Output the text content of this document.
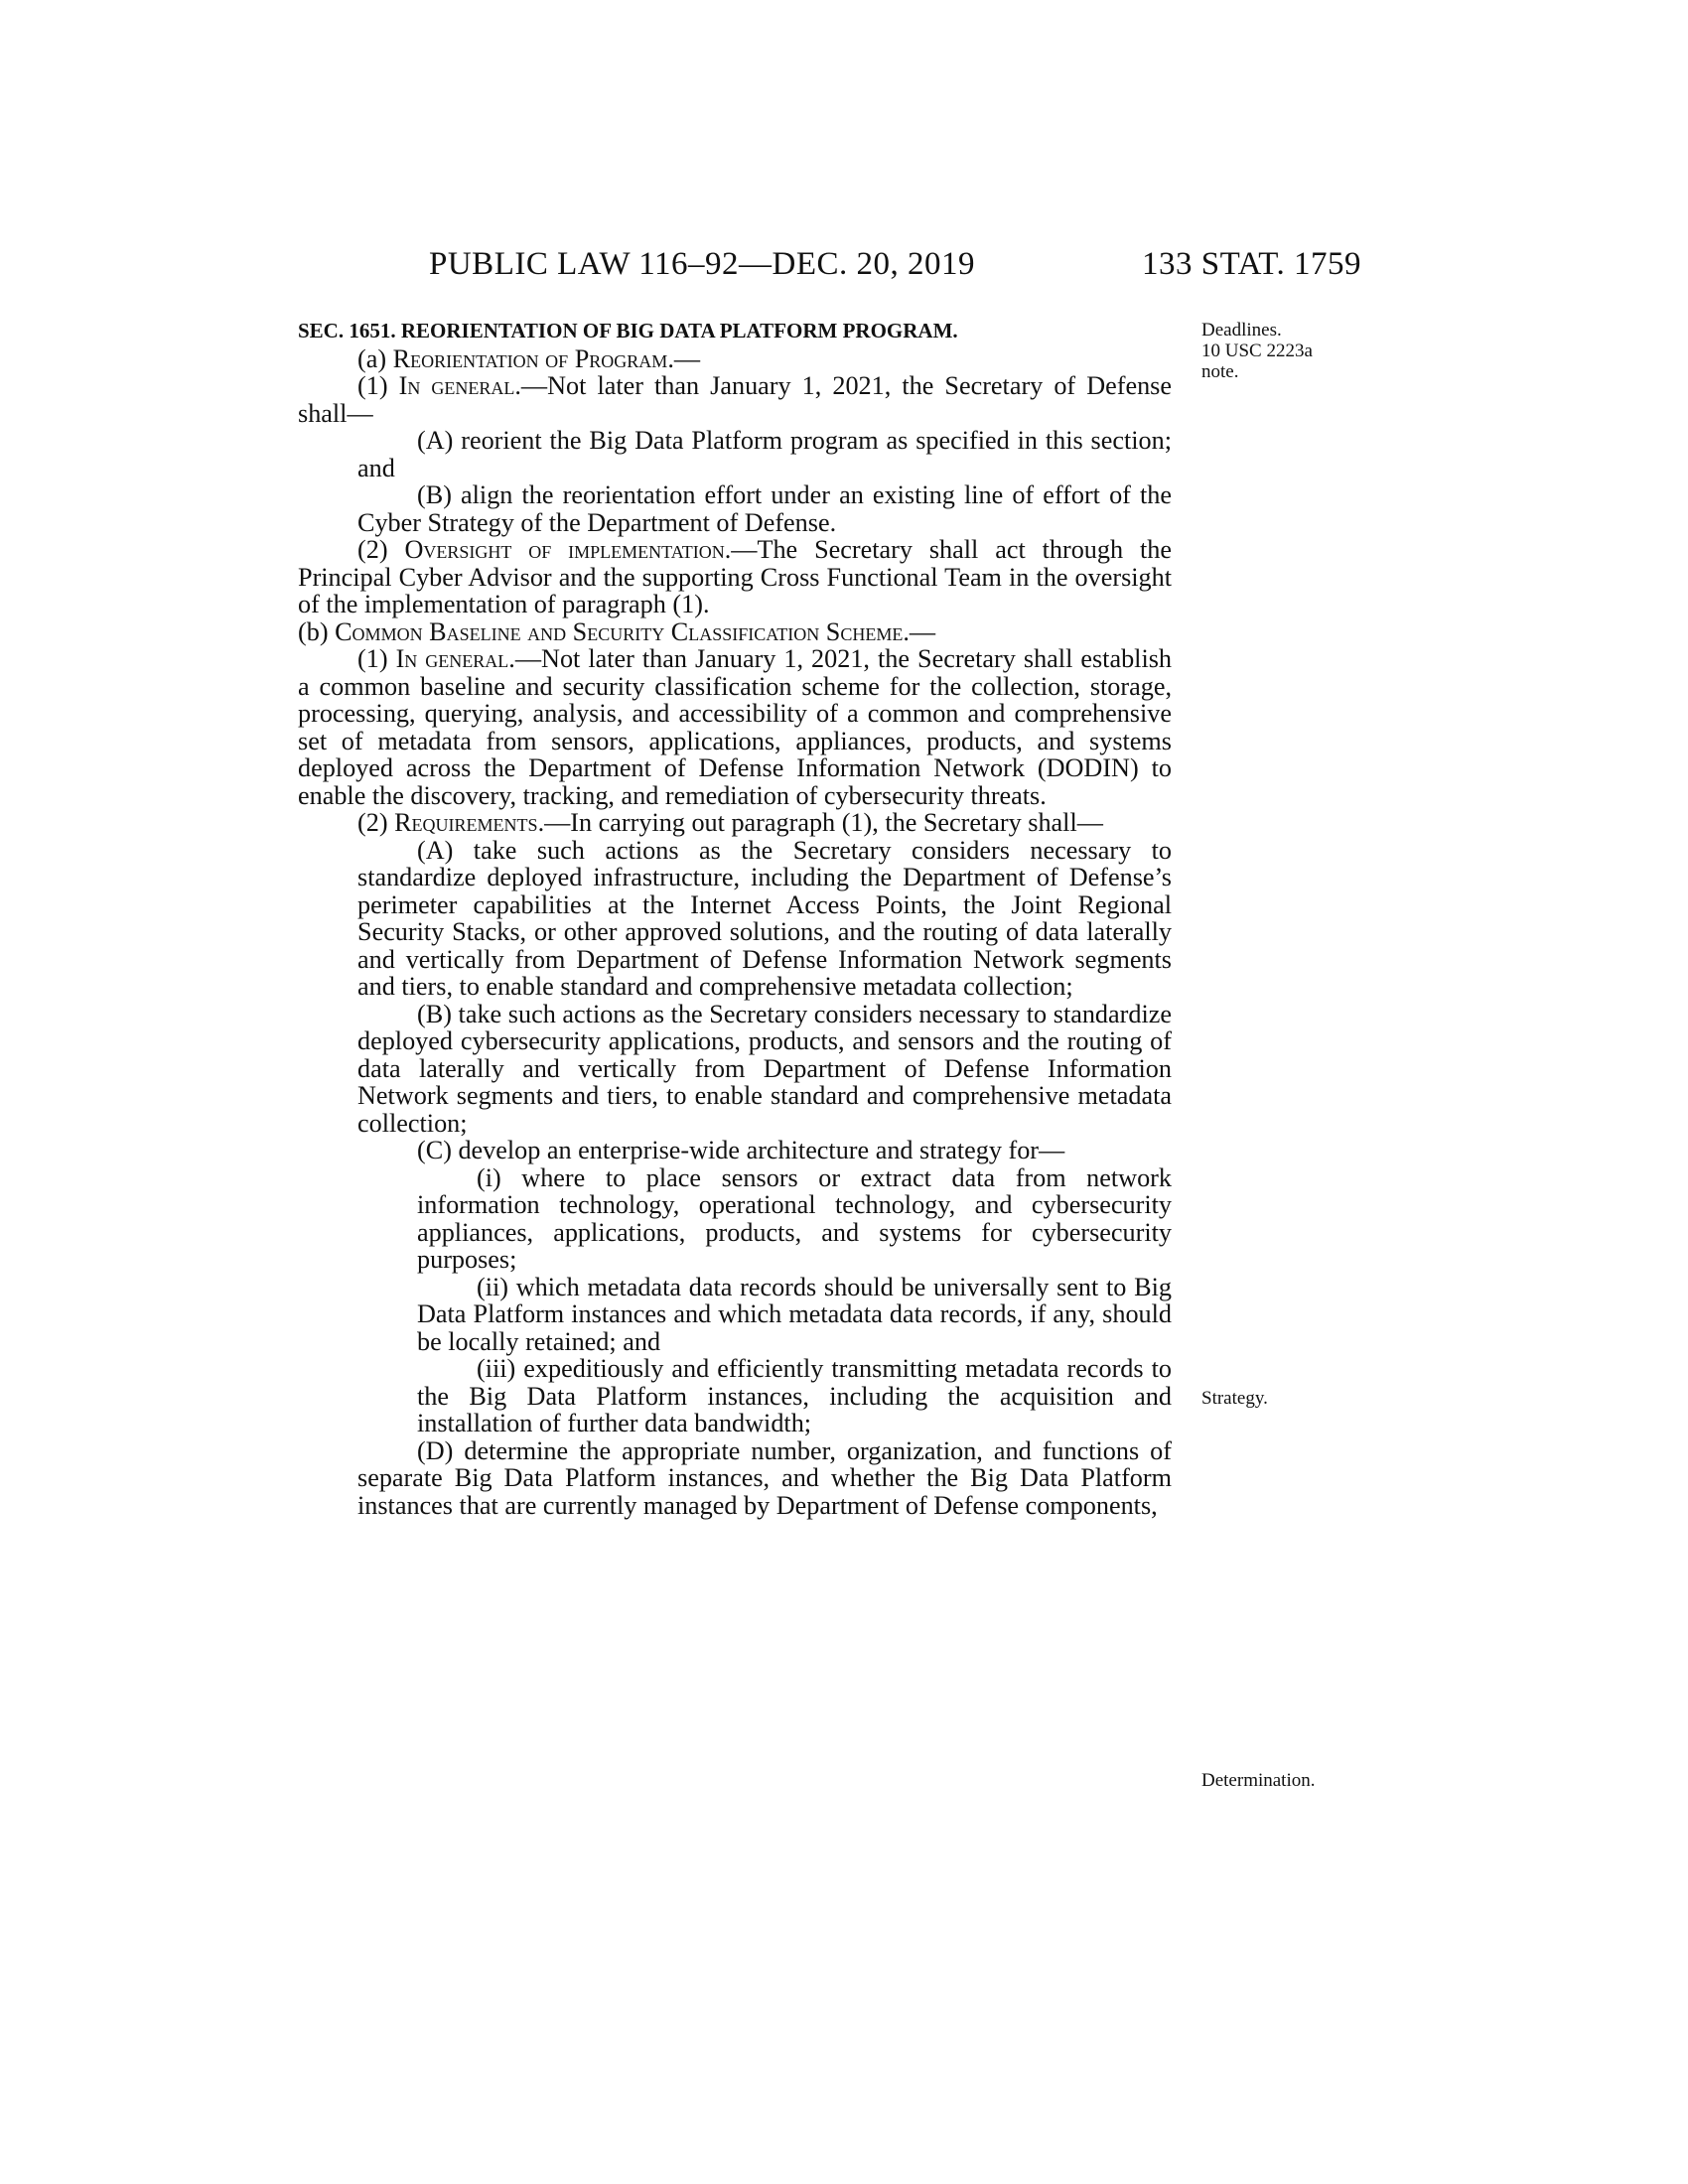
PUBLIC LAW 116–92—DEC. 20, 2019	133 STAT. 1759
Deadlines.
10 USC 2223a
note.
Strategy.
Determination.

SEC. 1651. REORIENTATION OF BIG DATA PLATFORM PROGRAM.

(a) Reorientation of Program.—

(1) In general.—Not later than January 1, 2021, the Secretary of Defense shall—

(A) reorient the Big Data Platform program as specified in this section; and

(B) align the reorientation effort under an existing line of effort of the Cyber Strategy of the Department of Defense.

(2) Oversight of implementation.—The Secretary shall act through the Principal Cyber Advisor and the supporting Cross Functional Team in the oversight of the implementation of paragraph (1).

(b) Common Baseline and Security Classification Scheme.—

(1) In general.—Not later than January 1, 2021, the Secretary shall establish a common baseline and security classification scheme for the collection, storage, processing, querying, analysis, and accessibility of a common and comprehensive set of metadata from sensors, applications, appliances, products, and systems deployed across the Department of Defense Information Network (DODIN) to enable the discovery, tracking, and remediation of cybersecurity threats.

(2) Requirements.—In carrying out paragraph (1), the Secretary shall—

(A) take such actions as the Secretary considers necessary to standardize deployed infrastructure, including the Department of Defense’s perimeter capabilities at the Internet Access Points, the Joint Regional Security Stacks, or other approved solutions, and the routing of data laterally and vertically from Department of Defense Information Network segments and tiers, to enable standard and comprehensive metadata collection;

(B) take such actions as the Secretary considers necessary to standardize deployed cybersecurity applications, products, and sensors and the routing of data laterally and vertically from Department of Defense Information Network segments and tiers, to enable standard and comprehensive metadata collection;

(C) develop an enterprise-wide architecture and strategy for—

(i) where to place sensors or extract data from network information technology, operational technology, and cybersecurity appliances, applications, products, and systems for cybersecurity purposes;

(ii) which metadata data records should be universally sent to Big Data Platform instances and which metadata data records, if any, should be locally retained; and

(iii) expeditiously and efficiently transmitting metadata records to the Big Data Platform instances, including the acquisition and installation of further data bandwidth;

(D) determine the appropriate number, organization, and functions of separate Big Data Platform instances, and whether the Big Data Platform instances that are currently managed by Department of Defense components,
